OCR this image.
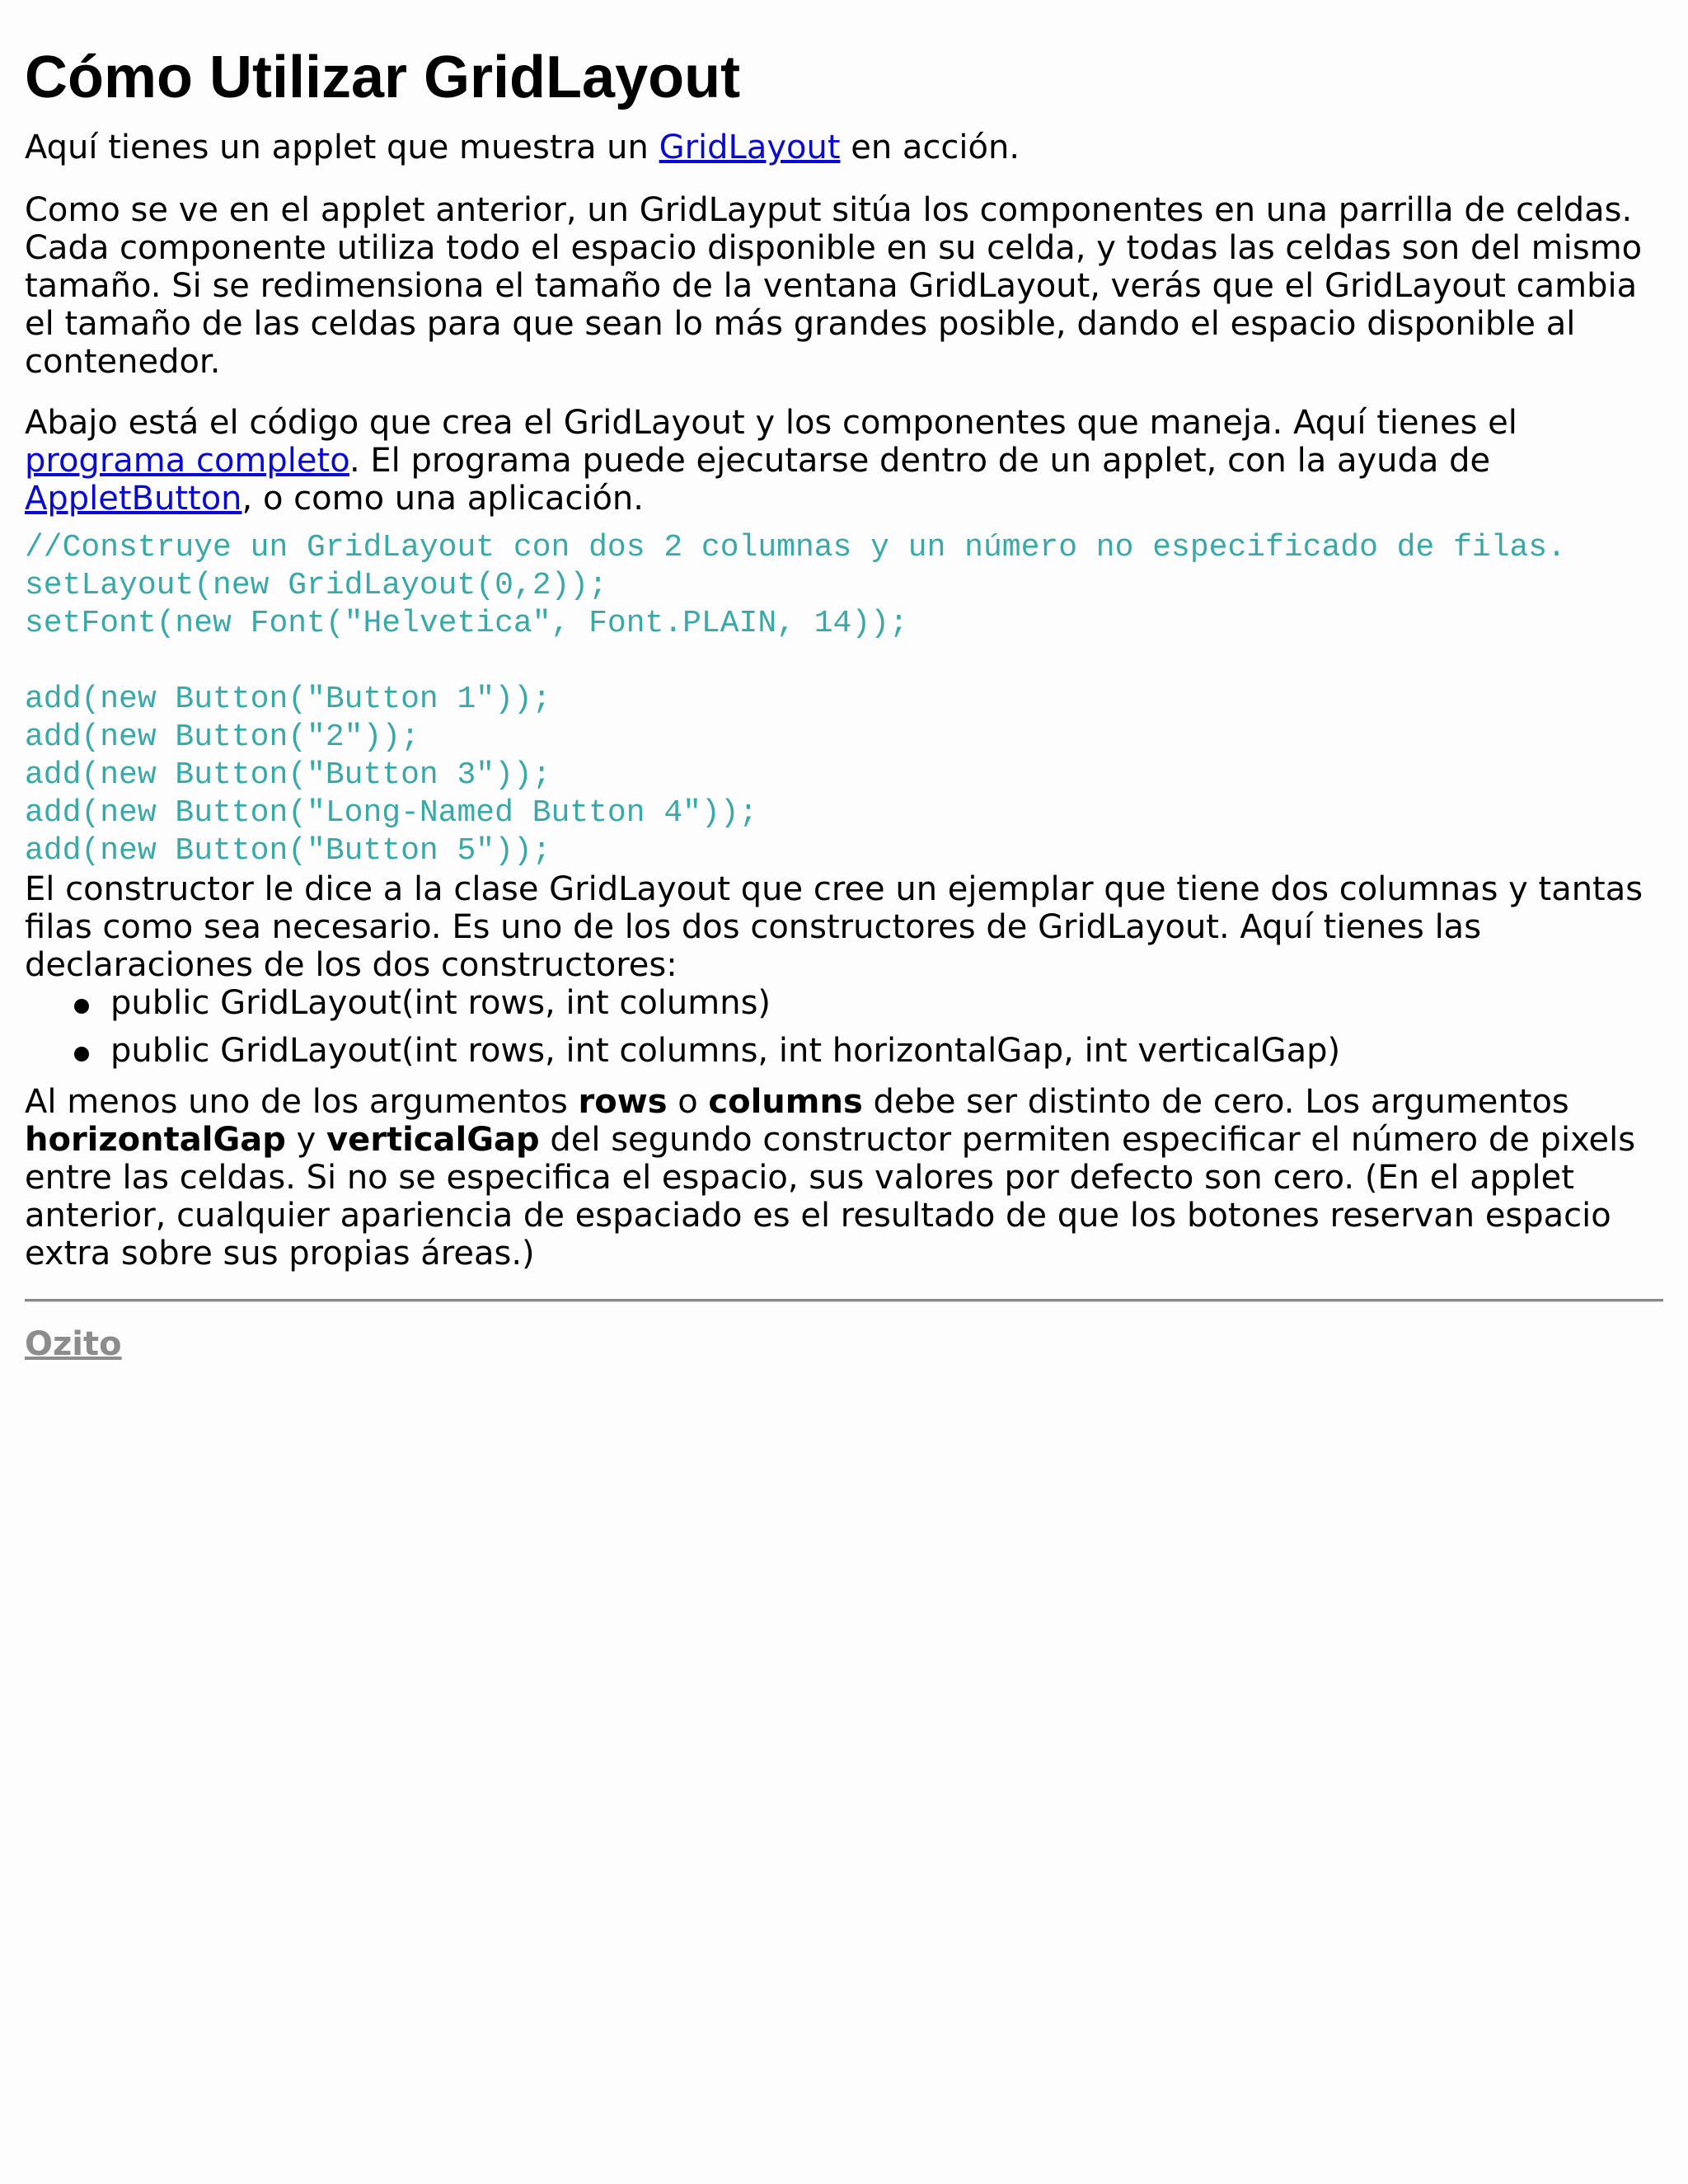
Cómo Utilizar GridLayout

Aquí tienes un applet que muestra un GridLayout en acción.

Como se ve en el applet anterior, un GridLayput sitúa los componentes en una parrilla de celdas. Cada componente utiliza todo el espacio disponible en su celda, y todas las celdas son del mismo tamaño. Si se redimensiona el tamaño de la ventana GridLayout, verás que el GridLayout cambia el tamaño de las celdas para que sean lo más grandes posible, dando el espacio disponible al contenedor.

Abajo está el código que crea el GridLayout y los componentes que maneja. Aquí tienes el programa completo. El programa puede ejecutarse dentro de un applet, con la ayuda de AppletButton, o como una aplicación.

//Construye un GridLayout con dos 2 columnas y un número no especificado de filas.
setLayout(new GridLayout(0,2));
setFont(new Font("Helvetica", Font.PLAIN, 14));

add(new Button("Button 1"));
add(new Button("2"));
add(new Button("Button 3"));
add(new Button("Long-Named Button 4"));
add(new Button("Button 5"));

El constructor le dice a la clase GridLayout que cree un ejemplar que tiene dos columnas y tantas filas como sea necesario. Es uno de los dos constructores de GridLayout. Aquí tienes las declaraciones de los dos constructores:

public GridLayout(int rows, int columns)
public GridLayout(int rows, int columns, int horizontalGap, int verticalGap)

Al menos uno de los argumentos rows o columns debe ser distinto de cero. Los argumentos horizontalGap y verticalGap del segundo constructor permiten especificar el número de pixels entre las celdas. Si no se especifica el espacio, sus valores por defecto son cero. (En el applet anterior, cualquier apariencia de espaciado es el resultado de que los botones reservan espacio extra sobre sus propias áreas.)

Ozito
